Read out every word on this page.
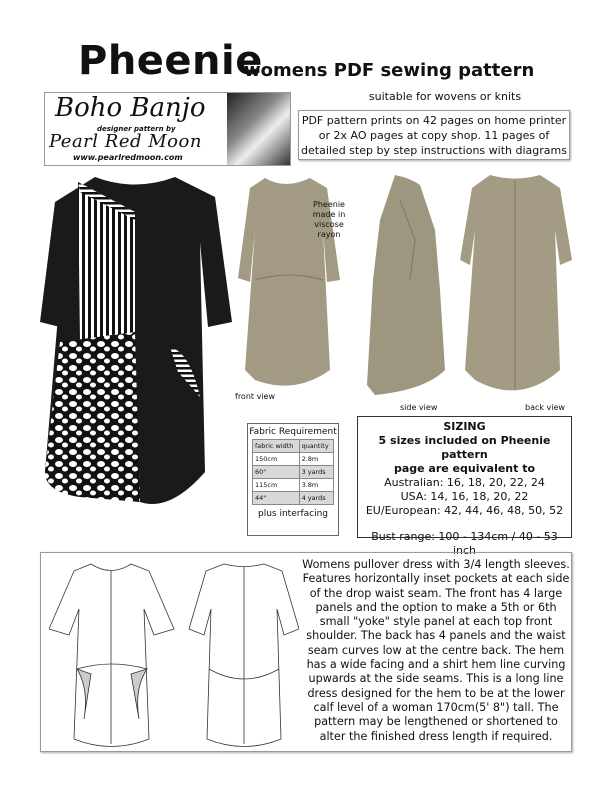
Pheenie
womens PDF sewing pattern
Boho Banjo
designer pattern by
Pearl Red Moon
www.pearlredmoon.com
suitable for wovens or knits
PDF pattern prints on 42 pages on home printer or 2x AO pages at copy shop. 11 pages of detailed step by step instructions with diagrams
Pheenie made in viscose rayon
front view
side view	back view
Fabric Requirement
fabric width	quantity
150cm	2.8m
60"	3 yards
115cm	3.8m
44"	4 yards
plus interfacing
SIZING
5 sizes included on Pheenie pattern
page are equivalent to
Australian: 16, 18, 20, 22, 24
USA: 14, 16, 18, 20, 22
EU/European: 42, 44, 46, 48, 50, 52
Bust range: 100 - 134cm / 40 - 53 inch
Womens pullover dress with 3/4 length sleeves. Features horizontally inset pockets at each side of the drop waist seam. The front has 4 large panels and the option to make a 5th or 6th small "yoke" style panel at each top front shoulder. The back has 4 panels and the waist seam curves low at the centre back. The hem has a wide facing and a shirt hem line curving upwards at the side seams. This is a long line dress designed for the hem to be at the lower calf level of a woman 170cm(5' 8") tall. The pattern may be lengthened or shortened to alter the finished dress length if required.
